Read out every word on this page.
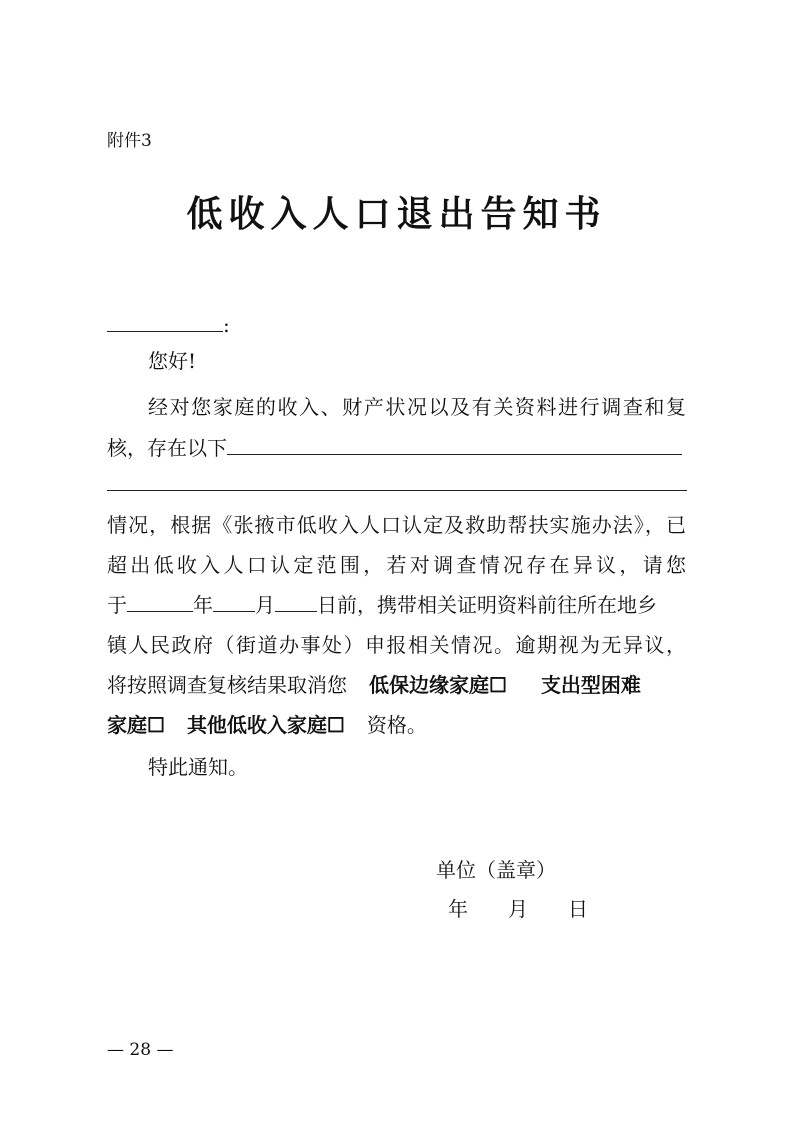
附件3
低收入人口退出告知书
:
您好!
经对您家庭的收入、财产状况以及有关资料进行调查和复
核，存在以下
情况，根据《张掖市低收入人口认定及救助帮扶实施办法》，已
超出低收入人口认定范围，若对调查情况存在异议，请您
于	年 月 日前，携带相关证明资料前往所在地乡
镇人民政府（街道办事处）申报相关情况。逾期视为无异议，
将按照调查复核结果取消您 低保边缘家庭☐ 支出型困难
家庭☐ 其他低收入家庭☐ 资格。
特此通知。
单位（盖章）
年 月 日
— 28 —
